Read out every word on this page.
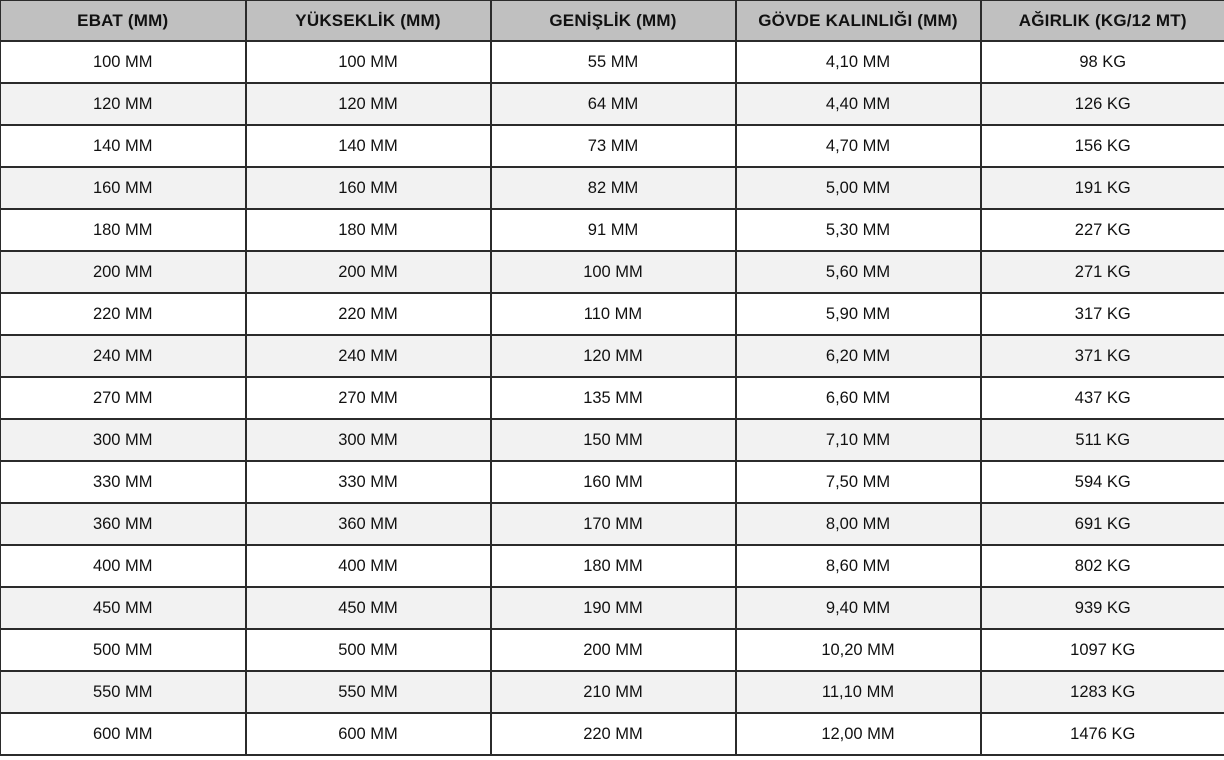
EBAT (MM)	YÜKSEKLİK (MM)	GENİŞLİK (MM)	GÖVDE KALINLIĞI (MM)	AĞIRLIK (KG/12 MT)
100 MM	100 MM	55 MM	4,10 MM	98 KG
120 MM	120 MM	64 MM	4,40 MM	126 KG
140 MM	140 MM	73 MM	4,70 MM	156 KG
160 MM	160 MM	82 MM	5,00 MM	191 KG
180 MM	180 MM	91 MM	5,30 MM	227 KG
200 MM	200 MM	100 MM	5,60 MM	271 KG
220 MM	220 MM	110 MM	5,90 MM	317 KG
240 MM	240 MM	120 MM	6,20 MM	371 KG
270 MM	270 MM	135 MM	6,60 MM	437 KG
300 MM	300 MM	150 MM	7,10 MM	511 KG
330 MM	330 MM	160 MM	7,50 MM	594 KG
360 MM	360 MM	170 MM	8,00 MM	691 KG
400 MM	400 MM	180 MM	8,60 MM	802 KG
450 MM	450 MM	190 MM	9,40 MM	939 KG
500 MM	500 MM	200 MM	10,20 MM	1097 KG
550 MM	550 MM	210 MM	11,10 MM	1283 KG
600 MM	600 MM	220 MM	12,00 MM	1476 KG
